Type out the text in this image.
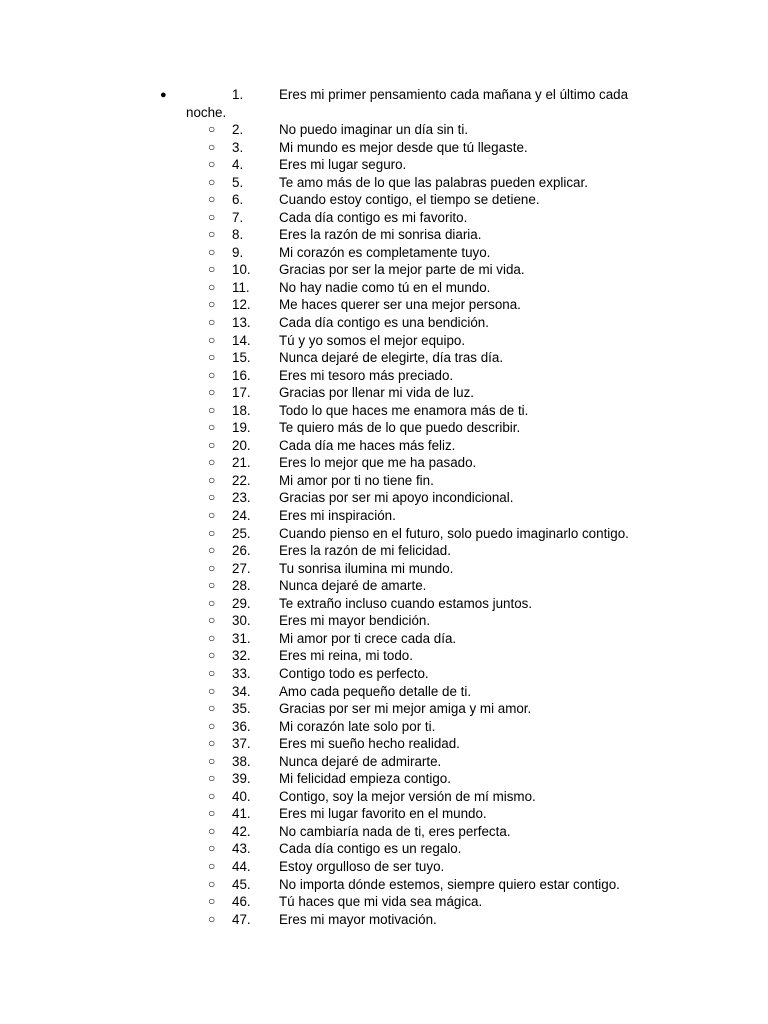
●	1.	Eres mi primer pensamiento cada mañana y el último cada
noche.
○ 2.	No puedo imaginar un día sin ti.
○ 3.	Mi mundo es mejor desde que tú llegaste.
○ 4.	Eres mi lugar seguro.
○ 5.	Te amo más de lo que las palabras pueden explicar.
○ 6.	Cuando estoy contigo, el tiempo se detiene.
○ 7.	Cada día contigo es mi favorito.
○ 8.	Eres la razón de mi sonrisa diaria.
○ 9.	Mi corazón es completamente tuyo.
○ 10. Gracias por ser la mejor parte de mi vida.
○ 11. No hay nadie como tú en el mundo.
○ 12. Me haces querer ser una mejor persona.
○ 13. Cada día contigo es una bendición.
○ 14. Tú y yo somos el mejor equipo.
○ 15. Nunca dejaré de elegirte, día tras día.
○ 16. Eres mi tesoro más preciado.
○ 17. Gracias por llenar mi vida de luz.
○ 18. Todo lo que haces me enamora más de ti.
○ 19. Te quiero más de lo que puedo describir.
○ 20. Cada día me haces más feliz.
○ 21. Eres lo mejor que me ha pasado.
○ 22. Mi amor por ti no tiene fin.
○ 23. Gracias por ser mi apoyo incondicional.
○ 24. Eres mi inspiración.
○ 25. Cuando pienso en el futuro, solo puedo imaginarlo contigo.
○ 26. Eres la razón de mi felicidad.
○ 27. Tu sonrisa ilumina mi mundo.
○ 28. Nunca dejaré de amarte.
○ 29. Te extraño incluso cuando estamos juntos.
○ 30. Eres mi mayor bendición.
○ 31. Mi amor por ti crece cada día.
○ 32. Eres mi reina, mi todo.
○ 33. Contigo todo es perfecto.
○ 34. Amo cada pequeño detalle de ti.
○ 35. Gracias por ser mi mejor amiga y mi amor.
○ 36. Mi corazón late solo por ti.
○ 37. Eres mi sueño hecho realidad.
○ 38. Nunca dejaré de admirarte.
○ 39. Mi felicidad empieza contigo.
○ 40. Contigo, soy la mejor versión de mí mismo.
○ 41. Eres mi lugar favorito en el mundo.
○ 42. No cambiaría nada de ti, eres perfecta.
○ 43. Cada día contigo es un regalo.
○ 44. Estoy orgulloso de ser tuyo.
○ 45. No importa dónde estemos, siempre quiero estar contigo.
○ 46. Tú haces que mi vida sea mágica.
○ 47. Eres mi mayor motivación.
